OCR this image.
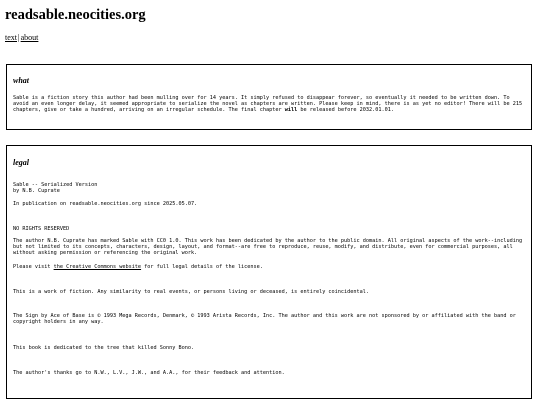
readsable.neocities.org
text|about
what

Sable is a fiction story this author had been mulling over for 14 years. It simply refused to disappear forever, so eventually it needed to be written down. To avoid an even longer delay, it seemed appropriate to serialize the novel as chapters are written. Please keep in mind, there is as yet no editor! There will be 215 chapters, give or take a hundred, arriving on an irregular schedule. The final chapter will be released before 2032.01.01.

legal

Sable -- Serialized Version

by N.B. Cuprate

In publication on readsable.neocities.org since 2025.05.07.

NO RIGHTS RESERVED

The author N.B. Cuprate has marked Sable with CC0 1.0. This work has been dedicated by the author to the public domain. All original aspects of the work--including but not limited to its concepts, characters, design, layout, and format--are free to reproduce, reuse, modify, and distribute, even for commercial purposes, all without asking permission or referencing the original work.

Please visit the Creative Commons website for full legal details of the license.

This is a work of fiction. Any similarity to real events, or persons living or deceased, is entirely coincidental.

The Sign by Ace of Base is © 1993 Mega Records, Denmark, © 1993 Arista Records, Inc. The author and this work are not sponsored by or affiliated with the band or copyright holders in any way.

This book is dedicated to the tree that killed Sonny Bono.

The author's thanks go to N.W., L.V., J.W., and A.A., for their feedback and attention.
